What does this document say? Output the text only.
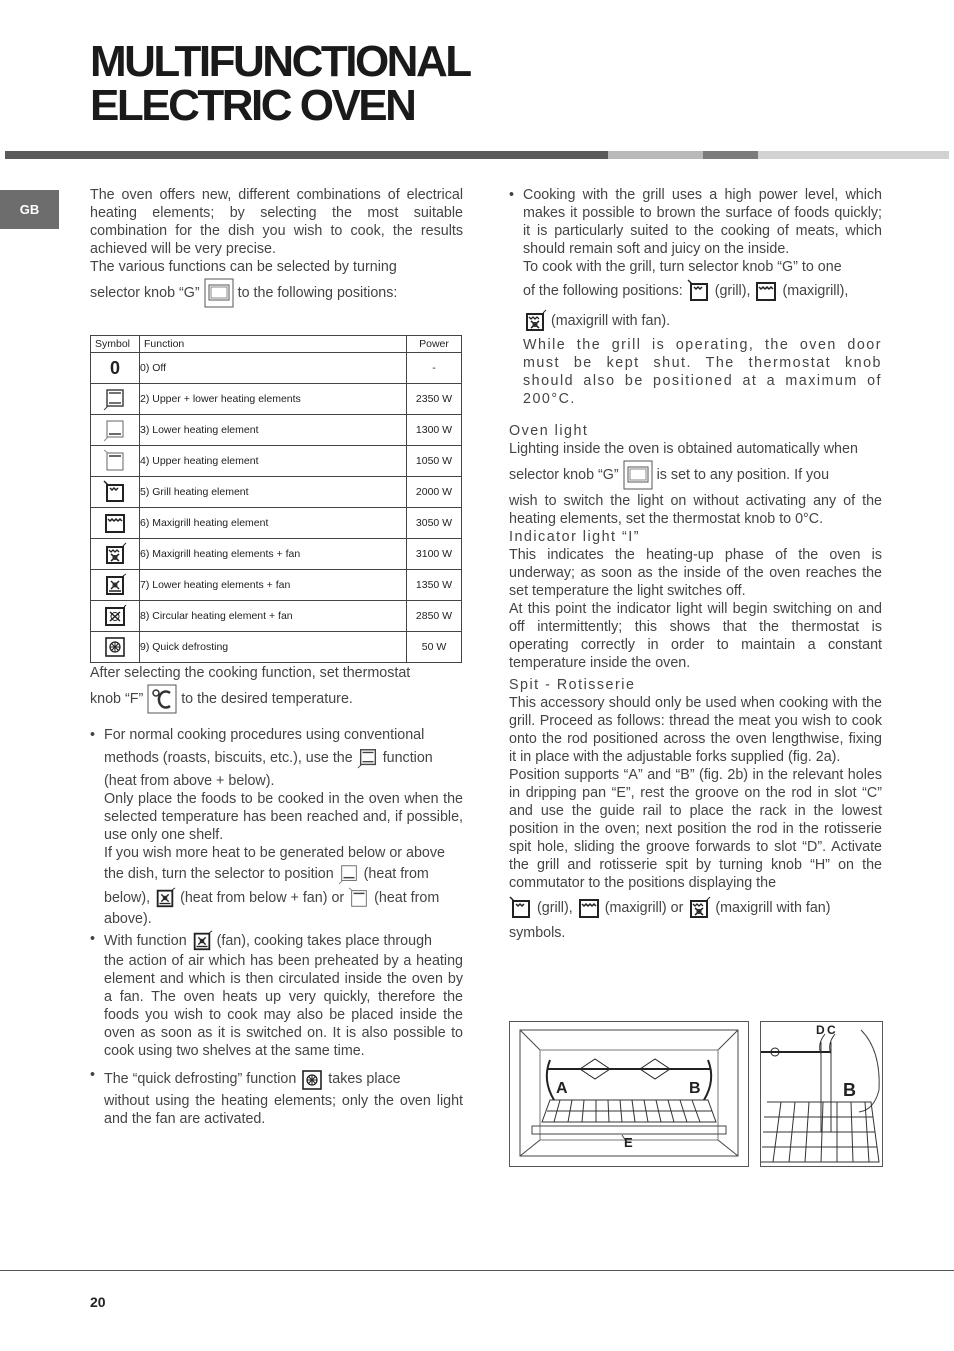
MULTIFUNCTIONAL
ELECTRIC OVEN
GB

The oven offers new, different combinations of electrical heating elements; by selecting the most suitable combination for the dish you wish to cook, the results achieved will be very precise.

The various functions can be selected by turning

selector knob “G”	to the following positions:

Symbol	Function	Power
0	0) Off	-
	2) Upper + lower heating elements	2350 W
	3) Lower heating element	1300 W
	4) Upper heating element	1050 W
	5) Grill heating element	2000 W
	6) Maxigrill heating element	3050 W
	6) Maxigrill heating elements + fan	3100 W
	7) Lower heating elements + fan	1350 W
	8) Circular heating element + fan	2850 W
	9) Quick defrosting	50 W

After selecting the cooking function, set thermostat

knob “F”	to the desired temperature.

• For normal cooking procedures using conventional

methods (roasts, biscuits, etc.), use the function

(heat from above + below).

Only place the foods to be cooked in the oven when the selected temperature has been reached and, if possible, use only one shelf.

If you wish more heat to be generated below or above

the dish, turn the selector to position (heat from

below), (heat from below + fan) or (heat from

above).

• With function (fan), cooking takes place through

the action of air which has been preheated by a heating element and which is then circulated inside the oven by a fan. The oven heats up very quickly, therefore the foods you wish to cook may also be placed inside the oven as soon as it is switched on. It is also possible to cook using two shelves at the same time.

• The “quick defrosting” function takes place

without using the heating elements; only the oven light and the fan are activated.

• Cooking with the grill uses a high power level, which makes it possible to brown the surface of foods quickly; it is particularly suited to the cooking of meats, which should remain soft and juicy on the inside.

To cook with the grill, turn selector knob “G” to one

of the following positions: (grill), (maxigrill),

(maxigrill with fan).

While the grill is operating, the oven door must be kept shut. The thermostat knob should also be positioned at a maximum of 200°C.

Oven light

Lighting inside the oven is obtained automatically when

selector knob “G”	is set to any position. If you

wish to switch the light on without activating any of the heating elements, set the thermostat knob to 0°C.

Indicator light “I”

This indicates the heating-up phase of the oven is underway; as soon as the inside of the oven reaches the set temperature the light switches off.

At this point the indicator light will begin switching on and off intermittently; this shows that the thermostat is operating correctly in order to maintain a constant temperature inside the oven.

Spit - Rotisserie

This accessory should only be used when cooking with the grill. Proceed as follows: thread the meat you wish to cook onto the rod positioned across the oven lengthwise, fixing it in place with the adjustable forks supplied (fig. 2a).

Position supports “A” and “B” (fig. 2b) in the relevant holes in dripping pan “E”, rest the groove on the rod in slot “C” and use the guide rail to place the rack in the lowest position in the oven; next position the rod in the rotisserie spit hole, sliding the groove forwards to slot “D”. Activate the grill and rotisserie spit by turning knob “H” on the commutator to the positions displaying the

(grill), (maxigrill) or (maxigrill with fan)

symbols.

A	B
E
D C
B
20
